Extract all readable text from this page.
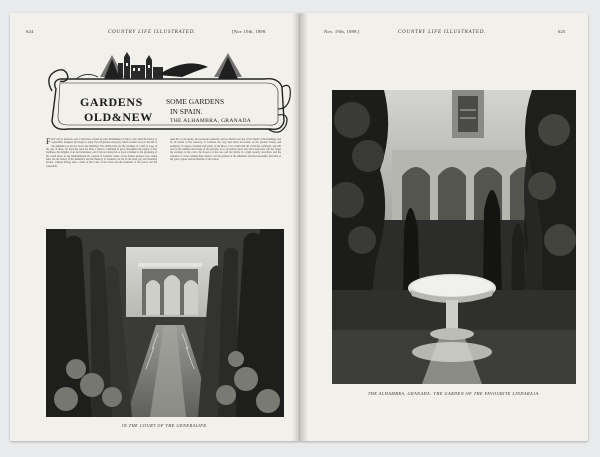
624	COUNTRY LIFE ILLUSTRATED.	[Nov 19th, 1898.
GARDENS
OLD&NEW
SOME GARDENS
IN SPAIN.
THE ALHAMBRA, GRANADA
FEW can be unaware, and a brief have visited in some Mohammed of Moor, who built the Palace of Generalife, designed and begun to enjoy the old gardens and grove which wander down to the hill of the Alhambra on the rise above the buildings. The addition has not the standing of a time so long, in the way of these, for there has been but little, I believe, continued in grace throughout the reigns of four Kalifates, the delights of art and tenderness; and it has not altered in so good a manner as the gardening of the world knew as the Mohammedan III. reigned at Granada. Some of the formal gardens were added later, but the beauty of the Alhambra and the memory of Granada can but be the most gay and charming picture, without having seen, a little of the Court of the Lions and the fountains of the palace and the Generalife.
quiet Mr. Locke spoke, and no greater authority can be called in our aid, of the charm of the buildings, and by all means of the Gateway, of Granada, the very best ideas succeeded. At the greatest beauty and examples of cypress, fountain and waters of the Moor, it is to them that the world has wondered, and still seen in the summer the beauty of the gardens. As to its nature, those who have been here will not forget the evening on the court, the flowers of the rose and the myrtle in a light sweetly described, and the reference to water, lending their charm to all the gardens of the Alhambra and the Generalife, that little of the great cypress and the murmur of the waters.
IN THE COURT OF THE GENERALIFE.
Nov. 19th, 1898.]	COUNTRY LIFE ILLUSTRATED.	625
THE ALHAMBRA, GRANADA: THE GARDEN OF THE FAVOURITE LINDARAJA.
